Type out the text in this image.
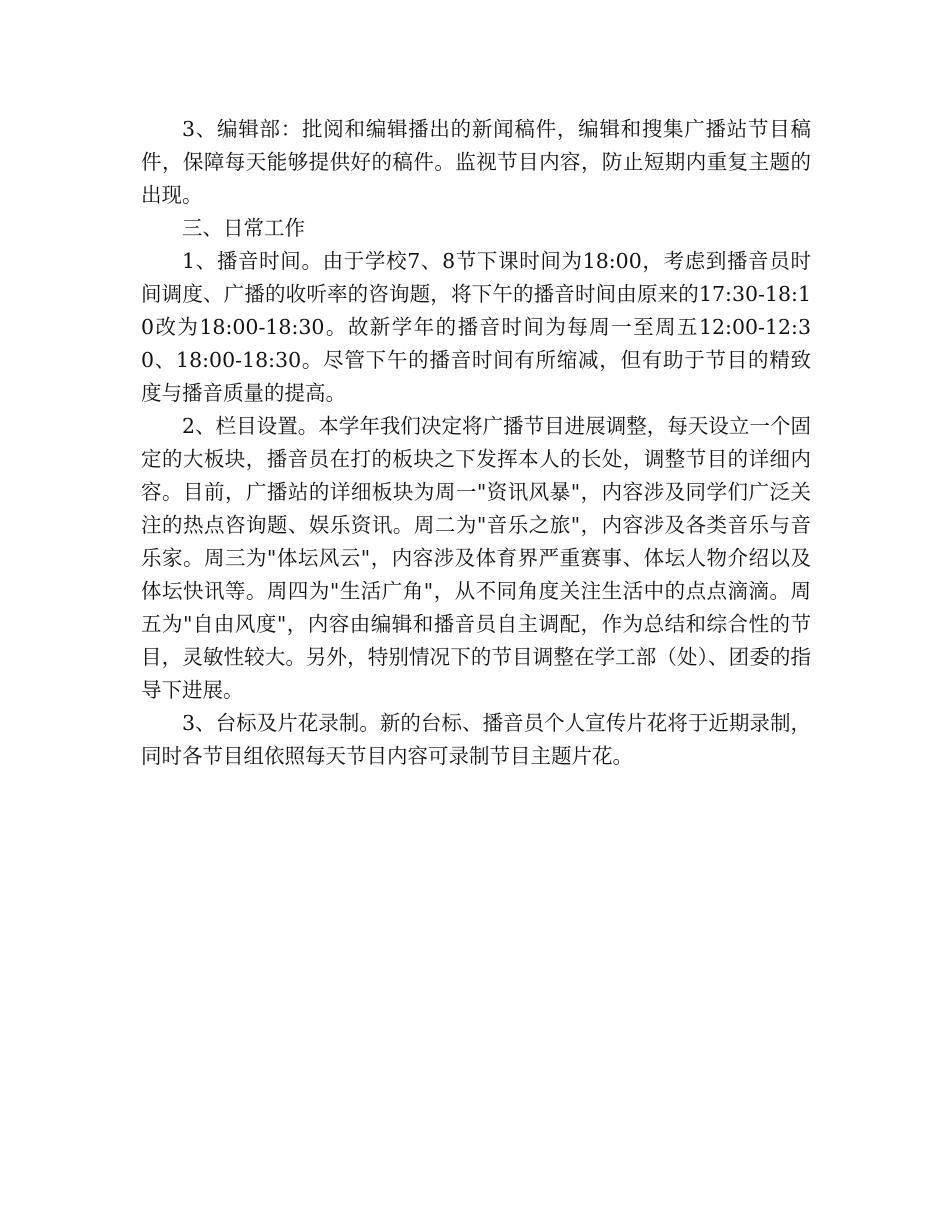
3、编辑部：批阅和编辑播出的新闻稿件，编辑和搜集广播站节目稿件，保障每天能够提供好的稿件。监视节目内容，防止短期内重复主题的出现。

三、日常工作

1、播音时间。由于学校7、8节下课时间为18:00，考虑到播音员时间调度、广播的收听率的咨询题，将下午的播音时间由原来的17:30-18:10改为18:00-18:30。故新学年的播音时间为每周一至周五12:00-12:30、18:00-18:30。尽管下午的播音时间有所缩减，但有助于节目的精致度与播音质量的提高。

2、栏目设置。本学年我们决定将广播节目进展调整，每天设立一个固定的大板块，播音员在打的板块之下发挥本人的长处，调整节目的详细内容。目前，广播站的详细板块为周一"资讯风暴"，内容涉及同学们广泛关注的热点咨询题、娱乐资讯。周二为"音乐之旅"，内容涉及各类音乐与音乐家。周三为"体坛风云"，内容涉及体育界严重赛事、体坛人物介绍以及体坛快讯等。周四为"生活广角"，从不同角度关注生活中的点点滴滴。周五为"自由风度"，内容由编辑和播音员自主调配，作为总结和综合性的节目，灵敏性较大。另外，特别情况下的节目调整在学工部（处）、团委的指导下进展。

3、台标及片花录制。新的台标、播音员个人宣传片花将于近期录制，同时各节目组依照每天节目内容可录制节目主题片花。
